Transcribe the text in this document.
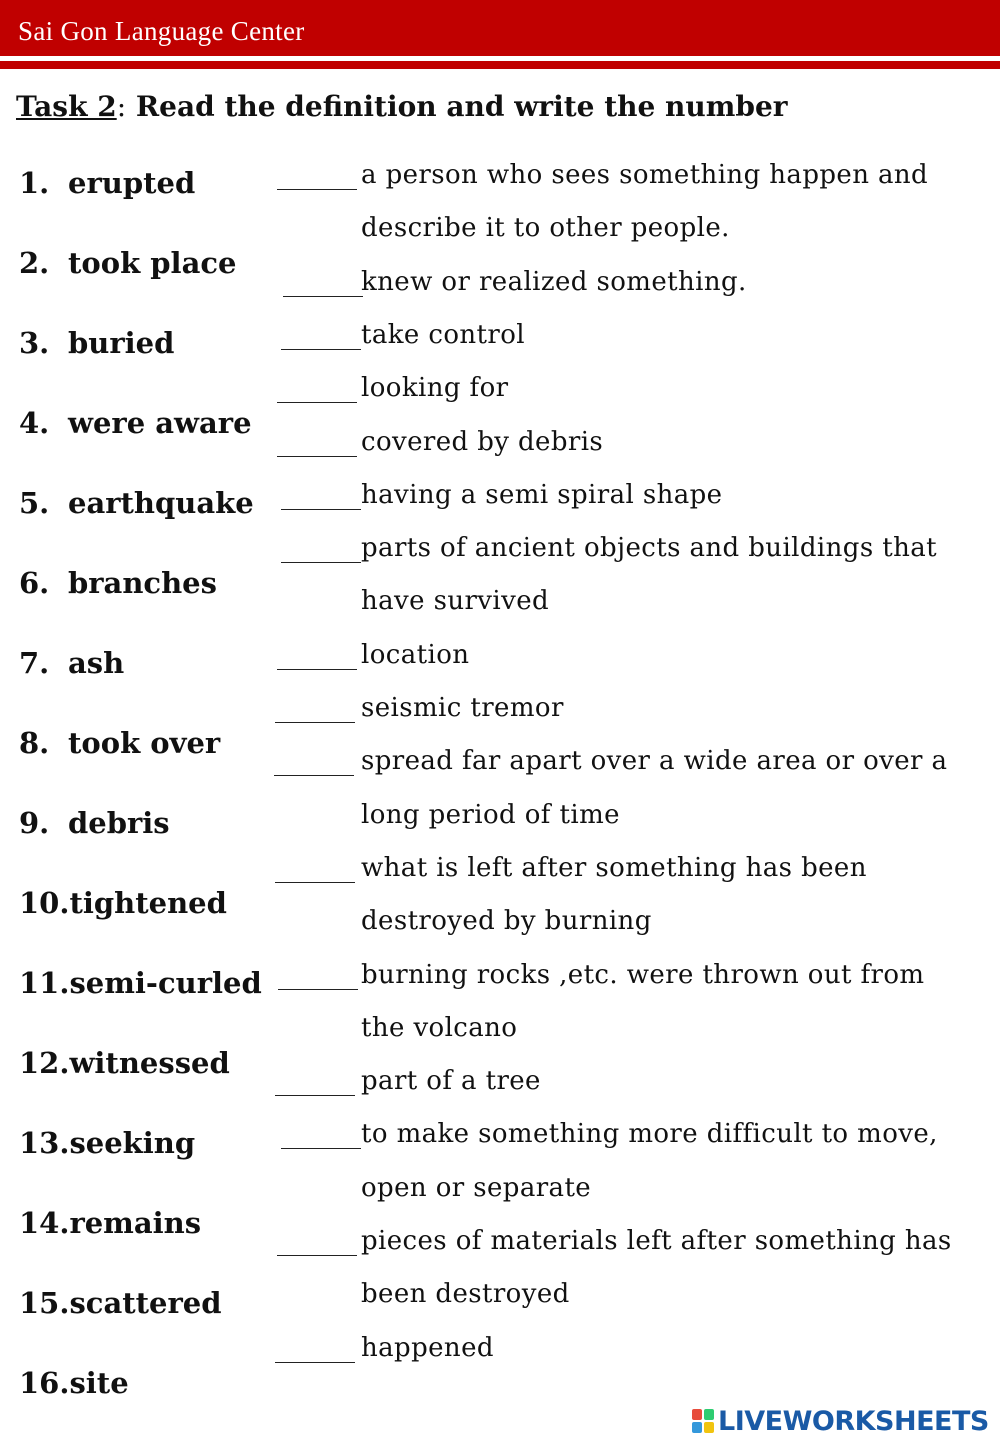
Sai Gon Language Center
Task 2: Read the definition and write the number
1. erupted
2. took place
3. buried
4. were aware
5. earthquake
6. branches
7. ash
8. took over
9. debris
10.tightened
11.semi-curled
12.witnessed
13.seeking
14.remains
15.scattered
16.site
a person who sees something happen and
describe it to other people.
knew or realized something.
take control
looking for
covered by debris
having a semi spiral shape
parts of ancient objects and buildings that
have survived
location
seismic tremor
spread far apart over a wide area or over a
long period of time
what is left after something has been
destroyed by burning
burning rocks ,etc. were thrown out from
the volcano
part of a tree
to make something more difficult to move,
open or separate
pieces of materials left after something has
been destroyed
happened
LIVEWORKSHEETS
